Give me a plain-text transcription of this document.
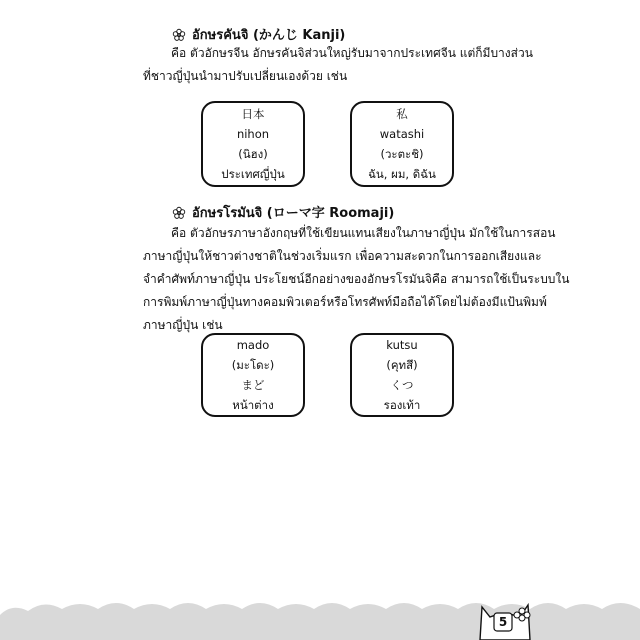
อักษรคันจิ (かんじ Kanji)

คือ ตัวอักษรจีน อักษรคันจิส่วนใหญ่รับมาจากประเทศจีน แต่ก็มีบางส่วน
ที่ชาวญี่ปุ่นนำมาปรับเปลี่ยนเองด้วย เช่น

日本
nihon
(นิฮง)
ประเทศญี่ปุ่น
私
watashi
(วะตะชิ)
ฉัน, ผม, ดิฉัน
อักษรโรมันจิ (ローマ字 Roomaji)

คือ ตัวอักษรภาษาอังกฤษที่ใช้เขียนแทนเสียงในภาษาญี่ปุ่น มักใช้ในการสอน
ภาษาญี่ปุ่นให้ชาวต่างชาติในช่วงเริ่มแรก เพื่อความสะดวกในการออกเสียงและ
จำคำศัพท์ภาษาญี่ปุ่น ประโยชน์อีกอย่างของอักษรโรมันจิคือ สามารถใช้เป็นระบบใน
การพิมพ์ภาษาญี่ปุ่นทางคอมพิวเตอร์หรือโทรศัพท์มือถือได้โดยไม่ต้องมีแป้นพิมพ์
ภาษาญี่ปุ่น เช่น

mado
(มะโดะ)
まど
หน้าต่าง
kutsu
(คุทสึ)
くつ
รองเท้า
5
